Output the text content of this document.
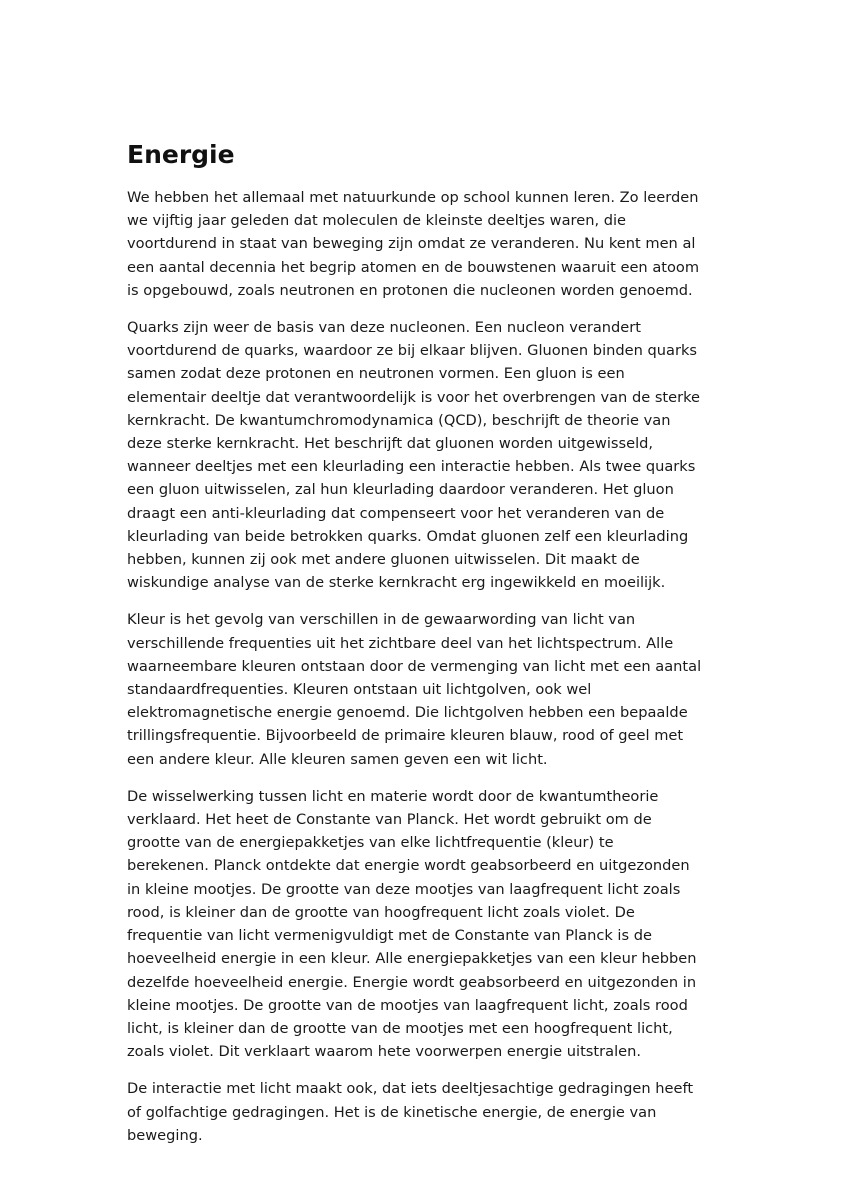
Energie

We hebben het allemaal met natuurkunde op school kunnen leren. Zo leerden
we vijftig jaar geleden dat moleculen de kleinste deeltjes waren, die
voortdurend in staat van beweging zijn omdat ze veranderen. Nu kent men al
een aantal decennia het begrip atomen en de bouwstenen waaruit een atoom
is opgebouwd, zoals neutronen en protonen die nucleonen worden genoemd.

Quarks zijn weer de basis van deze nucleonen. Een nucleon verandert
voortdurend de quarks, waardoor ze bij elkaar blijven. Gluonen binden quarks
samen zodat deze protonen en neutronen vormen. Een gluon is een
elementair deeltje dat verantwoordelijk is voor het overbrengen van de sterke
kernkracht. De kwantumchromodynamica (QCD), beschrijft de theorie van
deze sterke kernkracht. Het beschrijft dat gluonen worden uitgewisseld,
wanneer deeltjes met een kleurlading een interactie hebben. Als twee quarks
een gluon uitwisselen, zal hun kleurlading daardoor veranderen. Het gluon
draagt een anti-kleurlading dat compenseert voor het veranderen van de
kleurlading van beide betrokken quarks. Omdat gluonen zelf een kleurlading
hebben, kunnen zij ook met andere gluonen uitwisselen. Dit maakt de
wiskundige analyse van de sterke kernkracht erg ingewikkeld en moeilijk.

Kleur is het gevolg van verschillen in de gewaarwording van licht van
verschillende frequenties uit het zichtbare deel van het lichtspectrum. Alle
waarneembare kleuren ontstaan door de vermenging van licht met een aantal
standaardfrequenties. Kleuren ontstaan uit lichtgolven, ook wel
elektromagnetische energie genoemd. Die lichtgolven hebben een bepaalde
trillingsfrequentie. Bijvoorbeeld de primaire kleuren blauw, rood of geel met
een andere kleur. Alle kleuren samen geven een wit licht.

De wisselwerking tussen licht en materie wordt door de kwantumtheorie
verklaard. Het heet de Constante van Planck. Het wordt gebruikt om de
grootte van de energiepakketjes van elke lichtfrequentie (kleur) te
berekenen. Planck ontdekte dat energie wordt geabsorbeerd en uitgezonden
in kleine mootjes. De grootte van deze mootjes van laagfrequent licht zoals
rood, is kleiner dan de grootte van hoogfrequent licht zoals violet. De
frequentie van licht vermenigvuldigt met de Constante van Planck is de
hoeveelheid energie in een kleur. Alle energiepakketjes van een kleur hebben
dezelfde hoeveelheid energie. Energie wordt geabsorbeerd en uitgezonden in
kleine mootjes. De grootte van de mootjes van laagfrequent licht, zoals rood
licht, is kleiner dan de grootte van de mootjes met een hoogfrequent licht,
zoals violet. Dit verklaart waarom hete voorwerpen energie uitstralen.

De interactie met licht maakt ook, dat iets deeltjesachtige gedragingen heeft
of golfachtige gedragingen. Het is de kinetische energie, de energie van
beweging.
